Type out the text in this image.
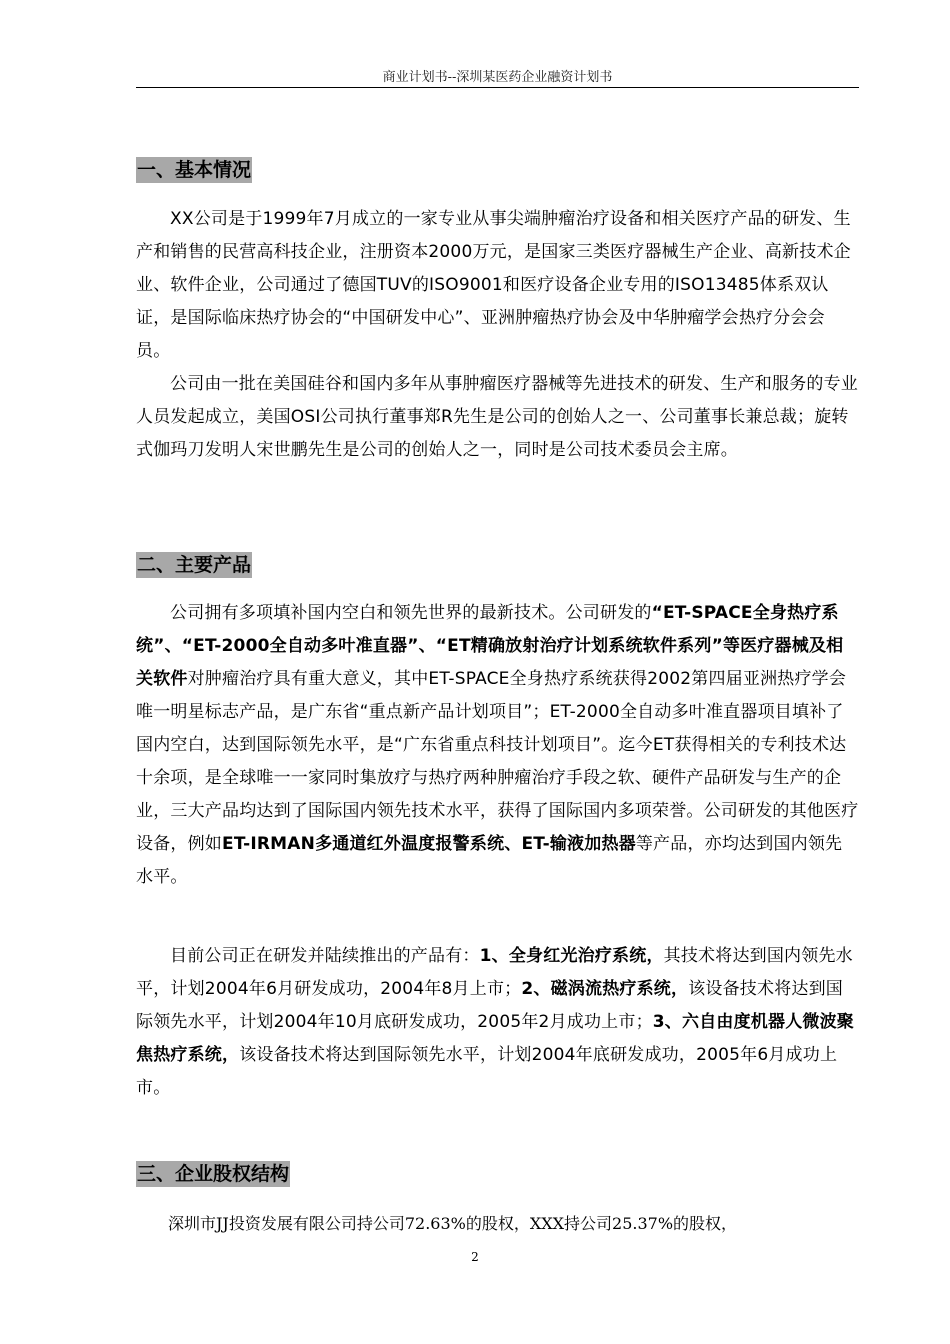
商业计划书--深圳某医药企业融资计划书
一、基本情况

XX公司是于1999年7月成立的一家专业从事尖端肿瘤治疗设备和相关医疗产品的研发、生产和销售的民营高科技企业，注册资本2000万元，是国家三类医疗器械生产企业、高新技术企业、软件企业，公司通过了德国TUV的ISO9001和医疗设备企业专用的ISO13485体系双认证，是国际临床热疗协会的“中国研发中心”、亚洲肿瘤热疗协会及中华肿瘤学会热疗分会会员。

公司由一批在美国硅谷和国内多年从事肿瘤医疗器械等先进技术的研发、生产和服务的专业人员发起成立，美国OSI公司执行董事郑R先生是公司的创始人之一、公司董事长兼总裁；旋转式伽玛刀发明人宋世鹏先生是公司的创始人之一，同时是公司技术委员会主席。

二、主要产品

公司拥有多项填补国内空白和领先世界的最新技术。公司研发的“ET-SPACE全身热疗系统”、“ET-2000全自动多叶准直器”、“ET精确放射治疗计划系统软件系列”等医疗器械及相关软件对肿瘤治疗具有重大意义，其中ET-SPACE全身热疗系统获得2002第四届亚洲热疗学会唯一明星标志产品，是广东省“重点新产品计划项目”；ET-2000全自动多叶准直器项目填补了国内空白，达到国际领先水平，是“广东省重点科技计划项目”。迄今ET获得相关的专利技术达十余项，是全球唯一一家同时集放疗与热疗两种肿瘤治疗手段之软、硬件产品研发与生产的企业，三大产品均达到了国际国内领先技术水平，获得了国际国内多项荣誉。公司研发的其他医疗设备，例如ET-IRMAN多通道红外温度报警系统、ET-输液加热器等产品，亦均达到国内领先水平。

目前公司正在研发并陆续推出的产品有：1、全身红光治疗系统，其技术将达到国内领先水平，计划2004年6月研发成功，2004年8月上市；2、磁涡流热疗系统，该设备技术将达到国际领先水平，计划2004年10月底研发成功，2005年2月成功上市；3、六自由度机器人微波聚焦热疗系统，该设备技术将达到国际领先水平，计划2004年底研发成功，2005年6月成功上市。

三、企业股权结构

深圳市JJ投资发展有限公司持公司72.63%的股权，XXX持公司25.37%的股权，

2
